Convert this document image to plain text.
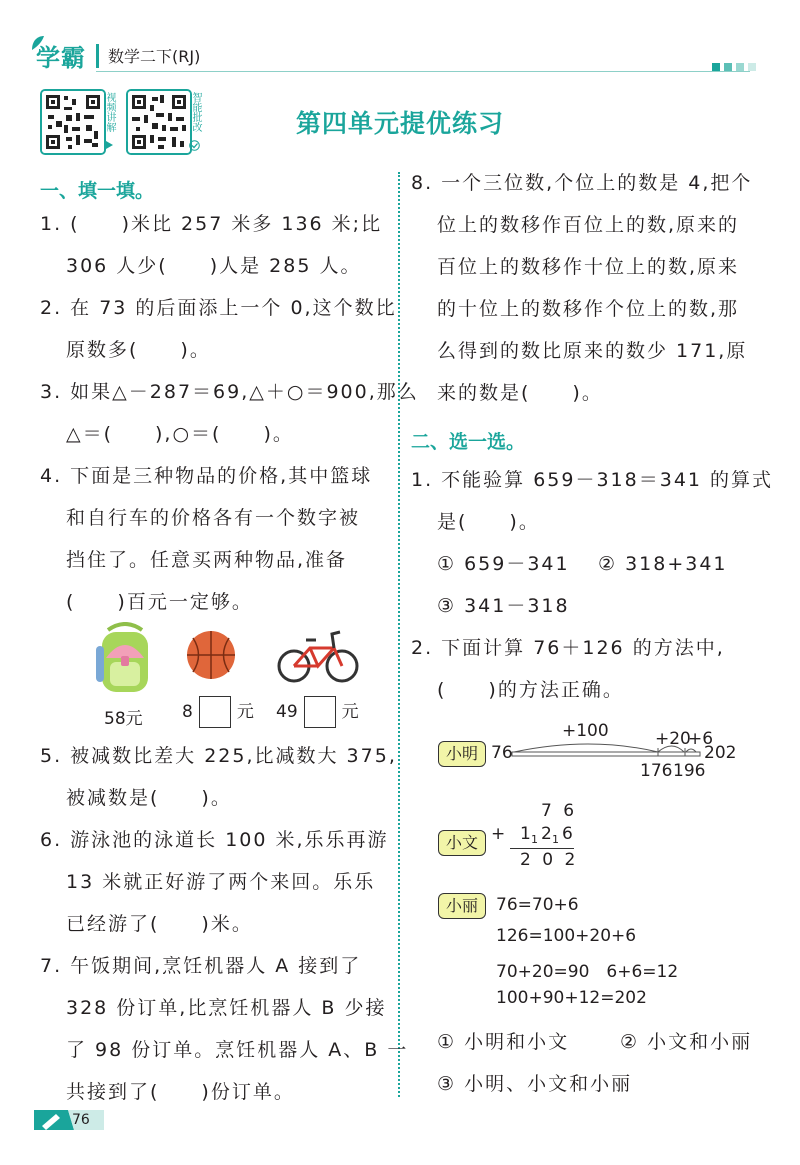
学霸 数学二下(RJ)
视频讲解	智能批改	第四单元提优练习
一、填一填。
1. (　　)米比 257 米多 136 米;比
306 人少(　　)人是 285 人。
2. 在 73 的后面添上一个 0,这个数比
原数多(　　)。
3. 如果△－287＝69,△＋○＝900,那么
△＝(　　),○＝(　　)。
4. 下面是三种物品的价格,其中篮球
和自行车的价格各有一个数字被
挡住了。任意买两种物品,准备
(　　)百元一定够。
58元 8	元 49	元
5. 被减数比差大 225,比减数大 375,
被减数是(　　)。
6. 游泳池的泳道长 100 米,乐乐再游
13 米就正好游了两个来回。乐乐
已经游了(　　)米。
7. 午饭期间,烹饪机器人 A 接到了
328 份订单,比烹饪机器人 B 少接
了 98 份订单。烹饪机器人 A、B 一
共接到了(　　)份订单。
8. 一个三位数,个位上的数是 4,把个
位上的数移作百位上的数,原来的
百位上的数移作十位上的数,原来
的十位上的数移作个位上的数,那
么得到的数比原来的数少 171,原
来的数是(　　)。
二、选一选。
1. 不能验算 659－318＝341 的算式
是(　　)。
① 659－341 ② 318+341
③ 341－318
2. 下面计算 76＋126 的方法中,
(　　)的方法正确。
小明 76
+100	+20
+6
202
176 196
小文
7 6
+ 1 1 2 1 6
2 0 2
小丽	76=70+6
126=100+20+6
70+20=90　6+6=12
100+90+12=202
① 小明和小文	② 小文和小丽
③ 小明、小文和小丽
76
